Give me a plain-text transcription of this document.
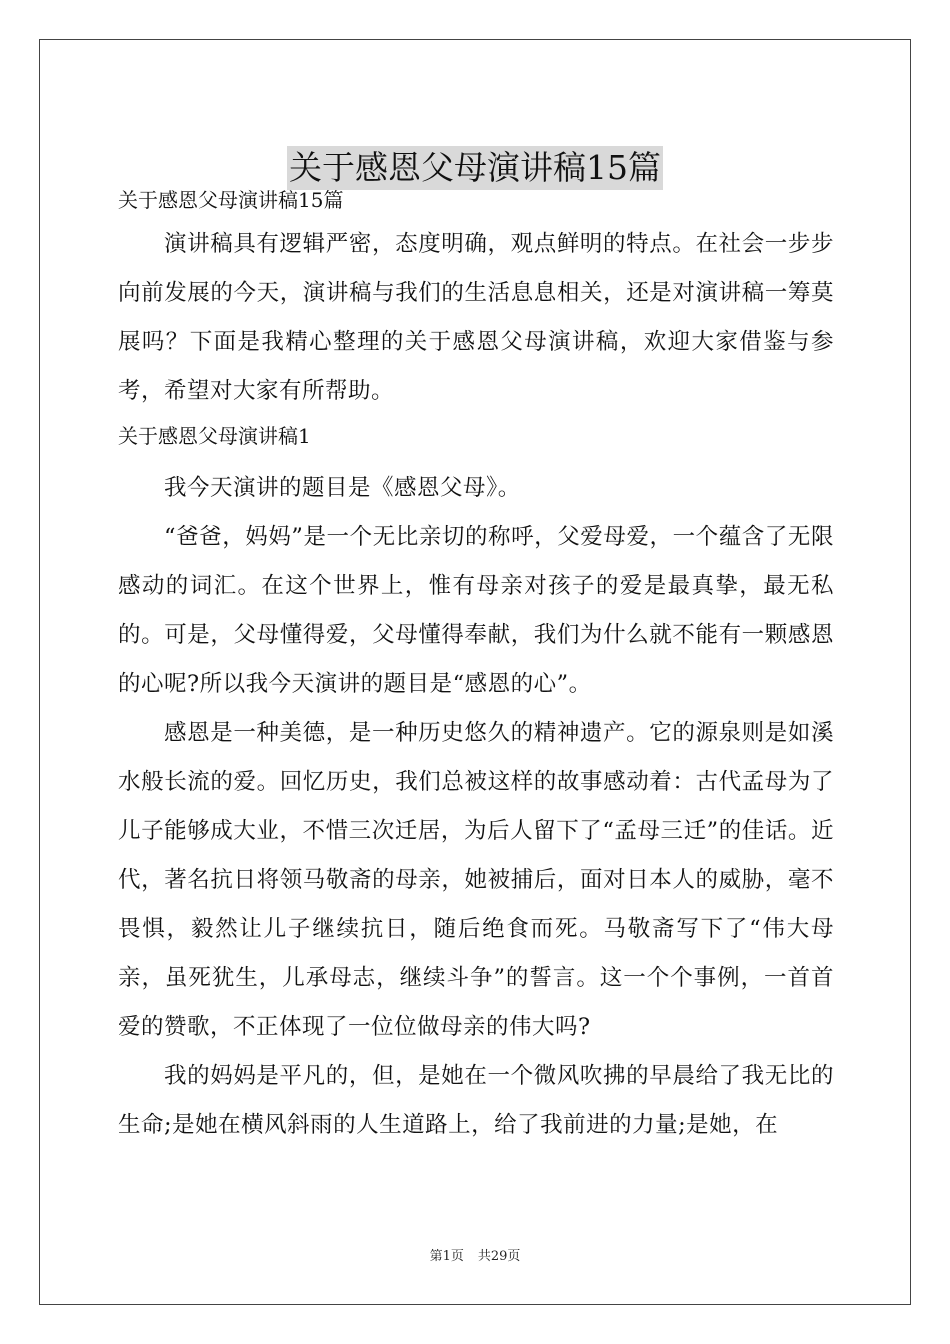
关于感恩父母演讲稿15篇

关于感恩父母演讲稿15篇

演讲稿具有逻辑严密，态度明确，观点鲜明的特点。在社会一步步向前发展的今天，演讲稿与我们的生活息息相关，还是对演讲稿一筹莫展吗？下面是我精心整理的关于感恩父母演讲稿，欢迎大家借鉴与参考，希望对大家有所帮助。

关于感恩父母演讲稿1

我今天演讲的题目是《感恩父母》。

“爸爸，妈妈”是一个无比亲切的称呼，父爱母爱，一个蕴含了无限感动的词汇。在这个世界上，惟有母亲对孩子的爱是最真挚，最无私的。可是，父母懂得爱，父母懂得奉献，我们为什么就不能有一颗感恩的心呢?所以我今天演讲的题目是“感恩的心”。

感恩是一种美德，是一种历史悠久的精神遗产。它的源泉则是如溪水般长流的爱。回忆历史，我们总被这样的故事感动着：古代孟母为了儿子能够成大业，不惜三次迁居，为后人留下了“孟母三迁”的佳话。近代，著名抗日将领马敬斋的母亲，她被捕后，面对日本人的威胁，毫不畏惧，毅然让儿子继续抗日，随后绝食而死。马敬斋写下了“伟大母亲，虽死犹生，儿承母志，继续斗争”的誓言。这一个个事例，一首首爱的赞歌，不正体现了一位位做母亲的伟大吗?

我的妈妈是平凡的，但，是她在一个微风吹拂的早晨给了我无比的生命;是她在横风斜雨的人生道路上，给了我前进的力量;是她，在

第1页 共29页
